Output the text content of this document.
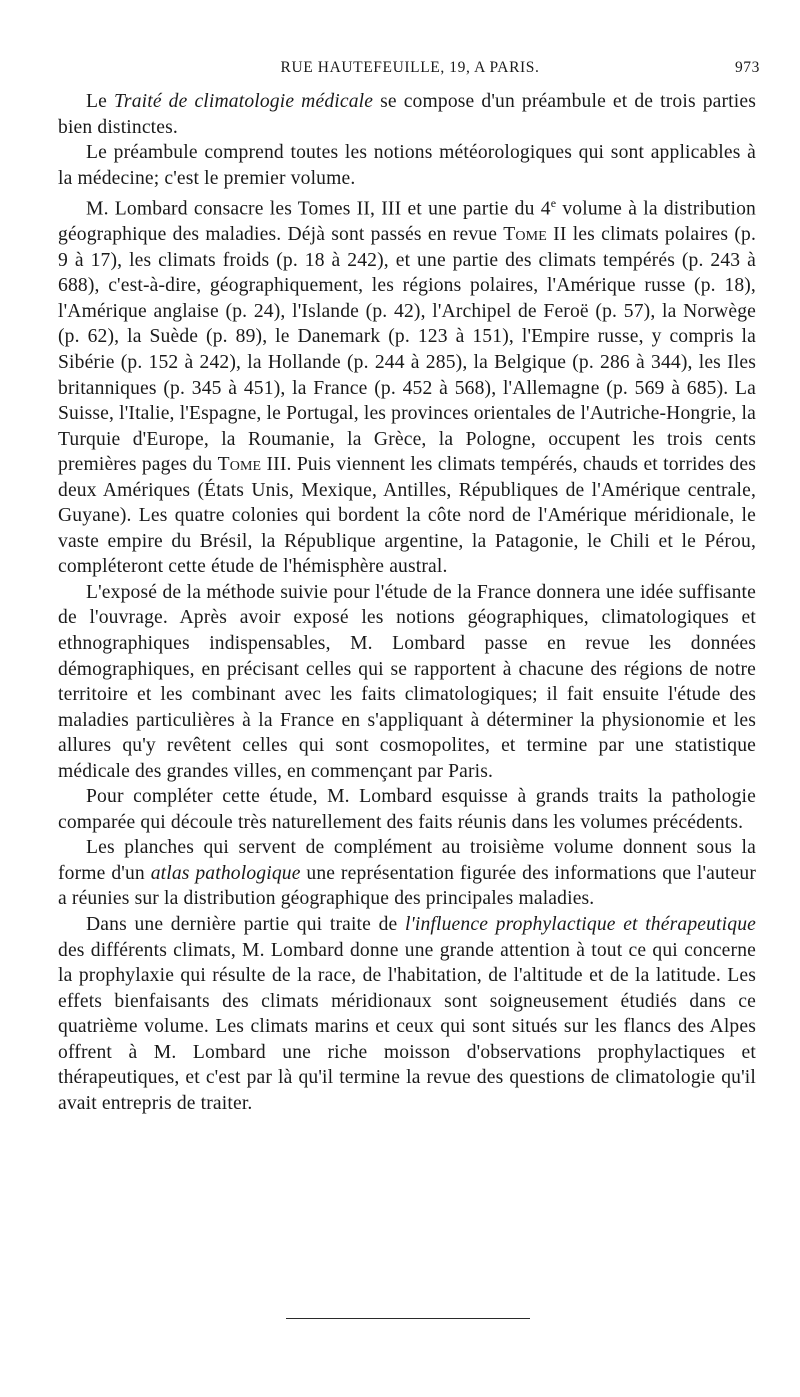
RUE HAUTEFEUILLE, 19, A PARIS.	973

Le Traité de climatologie médicale se compose d'un préambule et de trois parties bien distinctes.

Le préambule comprend toutes les notions météorologiques qui sont applicables à la médecine; c'est le premier volume.

M. Lombard consacre les Tomes II, III et une partie du 4e volume à la distribution géographique des maladies. Déjà sont passés en revue Tome II les climats polaires (p. 9 à 17), les climats froids (p. 18 à 242), et une partie des climats tempérés (p. 243 à 688), c'est-à-dire, géographiquement, les régions polaires, l'Amérique russe (p. 18), l'Amérique anglaise (p. 24), l'Islande (p. 42), l'Archipel de Feroë (p. 57), la Norwège (p. 62), la Suède (p. 89), le Danemark (p. 123 à 151), l'Empire russe, y compris la Sibérie (p. 152 à 242), la Hollande (p. 244 à 285), la Belgique (p. 286 à 344), les Iles britanniques (p. 345 à 451), la France (p. 452 à 568), l'Allemagne (p. 569 à 685). La Suisse, l'Italie, l'Espagne, le Portugal, les provinces orientales de l'Autriche-Hongrie, la Turquie d'Europe, la Roumanie, la Grèce, la Pologne, occupent les trois cents premières pages du Tome III. Puis viennent les climats tempérés, chauds et torrides des deux Amériques (États Unis, Mexique, Antilles, Républiques de l'Amérique centrale, Guyane). Les quatre colonies qui bordent la côte nord de l'Amérique méridionale, le vaste empire du Brésil, la République argentine, la Patagonie, le Chili et le Pérou, compléteront cette étude de l'hémisphère austral.

L'exposé de la méthode suivie pour l'étude de la France donnera une idée suffisante de l'ouvrage. Après avoir exposé les notions géographiques, climatologiques et ethnographiques indispensables, M. Lombard passe en revue les données démographiques, en précisant celles qui se rapportent à chacune des régions de notre territoire et les combinant avec les faits climatologiques; il fait ensuite l'étude des maladies particulières à la France en s'appliquant à déterminer la physionomie et les allures qu'y revêtent celles qui sont cosmopolites, et termine par une statistique médicale des grandes villes, en commençant par Paris.

Pour compléter cette étude, M. Lombard esquisse à grands traits la pathologie comparée qui découle très naturellement des faits réunis dans les volumes précédents.

Les planches qui servent de complément au troisième volume donnent sous la forme d'un atlas pathologique une représentation figurée des informations que l'auteur a réunies sur la distribution géographique des principales maladies.

Dans une dernière partie qui traite de l'influence prophylactique et thérapeutique des différents climats, M. Lombard donne une grande attention à tout ce qui concerne la prophylaxie qui résulte de la race, de l'habitation, de l'altitude et de la latitude. Les effets bienfaisants des climats méridionaux sont soigneusement étudiés dans ce quatrième volume. Les climats marins et ceux qui sont situés sur les flancs des Alpes offrent à M. Lombard une riche moisson d'observations prophylactiques et thérapeutiques, et c'est par là qu'il termine la revue des questions de climatologie qu'il avait entrepris de traiter.
